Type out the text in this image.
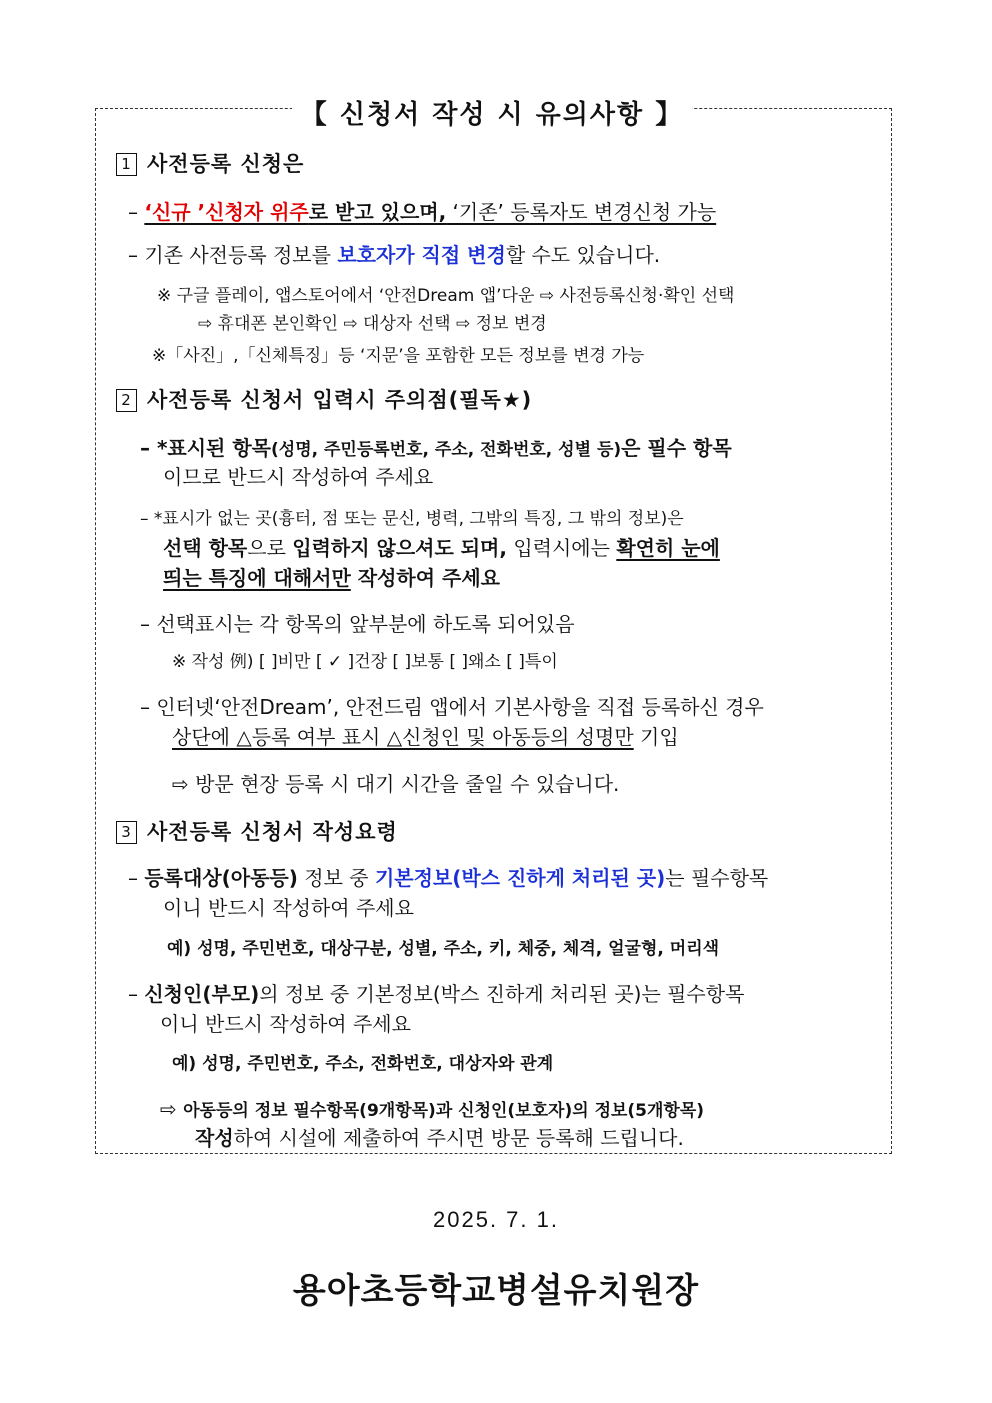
【 신청서 작성 시 유의사항 】
1 사전등록 신청은
– ‘신규 ’신청자 위주로 받고 있으며, ‘기존’ 등록자도 변경신청 가능
– 기존 사전등록 정보를 보호자가 직접 변경할 수도 있습니다.
※ 구글 플레이, 앱스토어에서 ‘안전Dream 앱’다운 ⇨ 사전등록신청·확인 선택
⇨ 휴대폰 본인확인 ⇨ 대상자 선택 ⇨ 정보 변경
※「사진」,「신체특징」등 ‘지문’을 포함한 모든 정보를 변경 가능
2 사전등록 신청서 입력시 주의점(필독★)
– *표시된 항목(성명, 주민등록번호, 주소, 전화번호, 성별 등)은 필수 항목
이므로 반드시 작성하여 주세요
– *표시가 없는 곳(흉터, 점 또는 문신, 병력, 그밖의 특징, 그 밖의 정보)은
선택 항목으로 입력하지 않으셔도 되며, 입력시에는 확연히 눈에
띄는 특징에 대해서만 작성하여 주세요
– 선택표시는 각 항목의 앞부분에 하도록 되어있음
※ 작성 例) [ ]비만 [ ✓ ]건장 [ ]보통 [ ]왜소 [ ]특이
– 인터넷‘안전Dream’, 안전드림 앱에서 기본사항을 직접 등록하신 경우
상단에 △등록 여부 표시 △신청인 및 아동등의 성명만 기입
⇨ 방문 현장 등록 시 대기 시간을 줄일 수 있습니다.
3 사전등록 신청서 작성요령
– 등록대상(아동등) 정보 중 기본정보(박스 진하게 처리된 곳)는 필수항목
이니 반드시 작성하여 주세요
예) 성명, 주민번호, 대상구분, 성별, 주소, 키, 체중, 체격, 얼굴형, 머리색
– 신청인(부모)의 정보 중 기본정보(박스 진하게 처리된 곳)는 필수항목
이니 반드시 작성하여 주세요
예) 성명, 주민번호, 주소, 전화번호, 대상자와 관계
⇨ 아동등의 정보 필수항목(9개항목)과 신청인(보호자)의 정보(5개항목)
작성하여 시설에 제출하여 주시면 방문 등록해 드립니다.
2025. 7. 1.
용아초등학교병설유치원장
